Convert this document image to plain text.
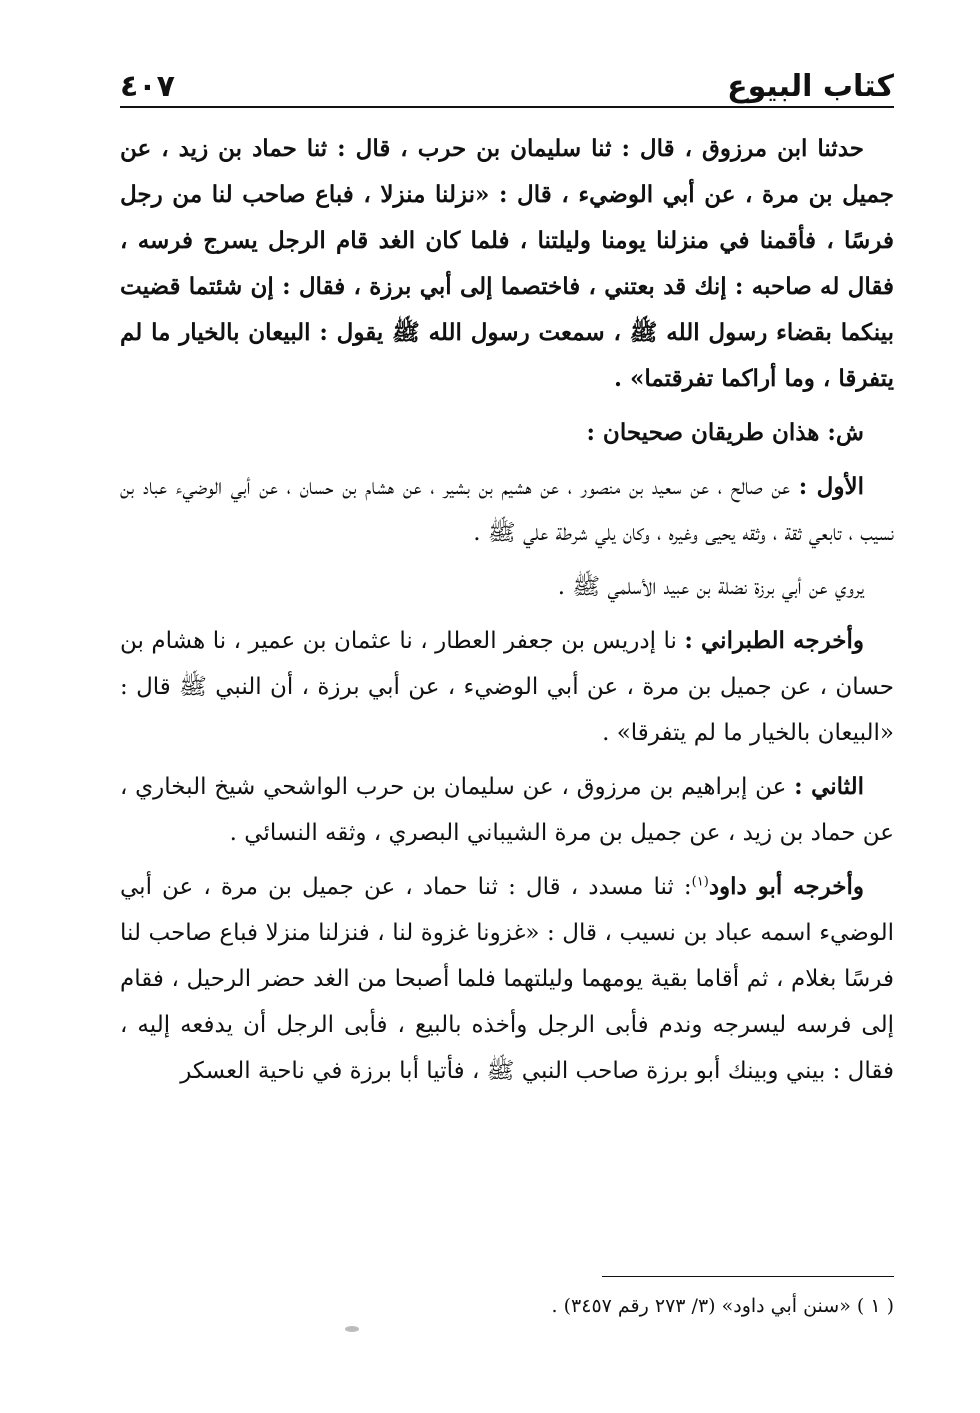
كتاب البيوع
٤٠٧

حدثنا ابن مرزوق ، قال : ثنا سليمان بن حرب ، قال : ثنا حماد بن زيد ، عن جميل بن مرة ، عن أبي الوضيء ، قال : «نزلنا منزلا ، فباع صاحب لنا من رجل فرسًا ، فأقمنا في منزلنا يومنا وليلتنا ، فلما كان الغد قام الرجل يسرج فرسه ، فقال له صاحبه : إنك قد بعتني ، فاختصما إلى أبي برزة ، فقال : إن شئتما قضيت بينكما بقضاء رسول الله ﷺ ، سمعت رسول الله ﷺ يقول : البيعان بالخيار ما لم يتفرقا ، وما أراكما تفرقتما» .

ش: هذان طريقان صحيحان :

الأول : عن صالح ، عن سعيد بن منصور ، عن هشيم بن بشير ، عن هشام بن حسان ، عن أبي الوضيء عباد بن نسيب ، تابعي ثقة ، وثقه يحيى وغيره ، وكان يلي شرطة علي ﷺ .

يروي عن أبي برزة نضلة بن عبيد الأسلمي ﷺ .

وأخرجه الطبراني : نا إدريس بن جعفر العطار ، نا عثمان بن عمير ، نا هشام بن حسان ، عن جميل بن مرة ، عن أبي الوضيء ، عن أبي برزة ، أن النبي ﷺ قال : «البيعان بالخيار ما لم يتفرقا» .

الثاني : عن إبراهيم بن مرزوق ، عن سليمان بن حرب الواشحي شيخ البخاري ، عن حماد بن زيد ، عن جميل بن مرة الشيباني البصري ، وثقه النسائي .

وأخرجه أبو داود$^{(١)}$: ثنا مسدد ، قال : ثنا حماد ، عن جميل بن مرة ، عن أبي الوضيء اسمه عباد بن نسيب ، قال : «غزونا غزوة لنا ، فنزلنا منزلا فباع صاحب لنا فرسًا بغلام ، ثم أقاما بقية يومهما وليلتهما فلما أصبحا من الغد حضر الرحيل ، فقام إلى فرسه ليسرجه وندم فأبى الرجل وأخذه بالبيع ، فأبى الرجل أن يدفعه إليه ، فقال : بيني وبينك أبو برزة صاحب النبي ﷺ ، فأتيا أبا برزة في ناحية العسكر

( ١ ) «سنن أبي داود» (٣/ ٢٧٣ رقم ٣٤٥٧) .
